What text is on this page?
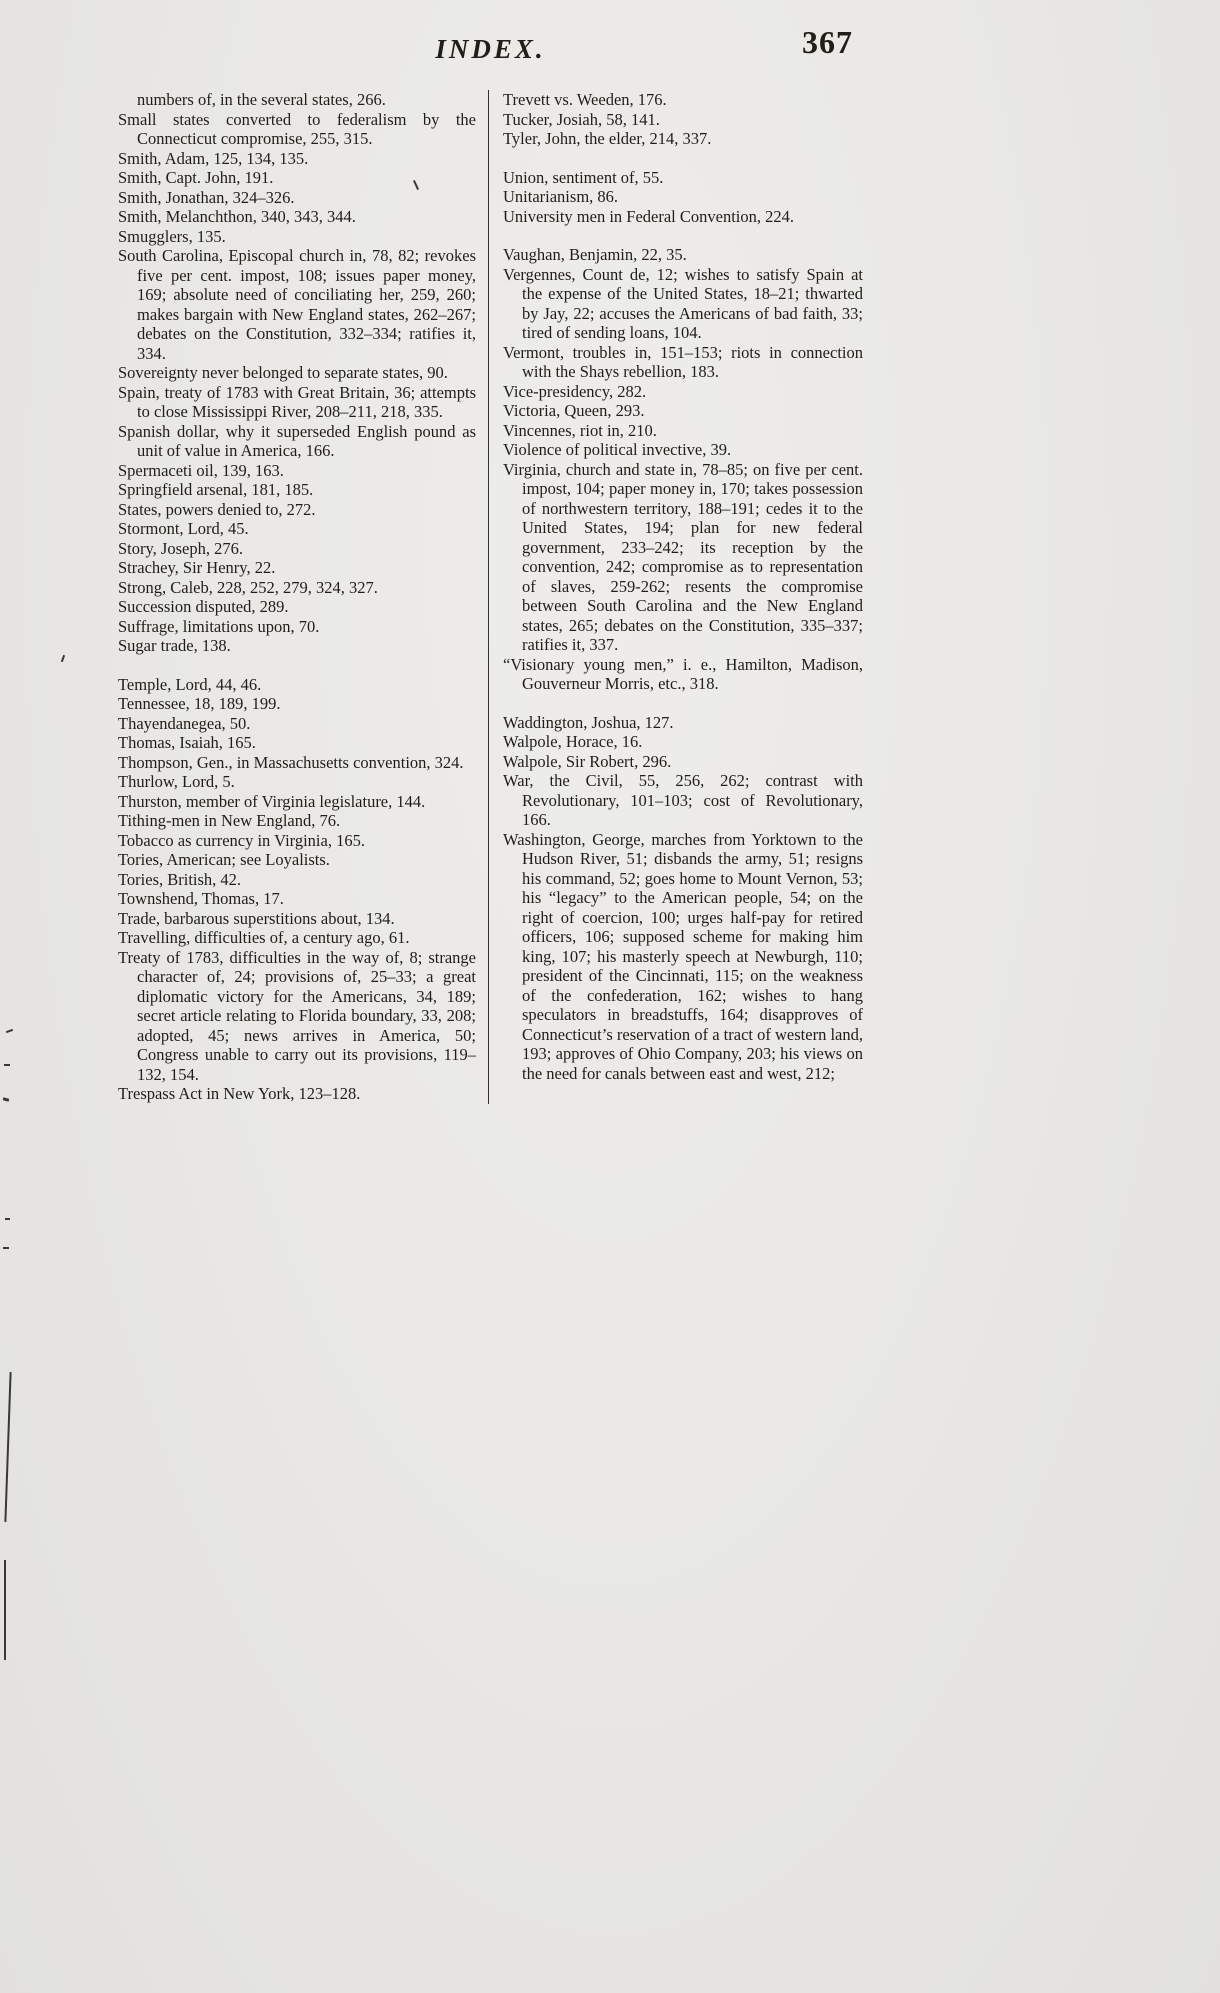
INDEX.	367

numbers of, in the several states, 266.

Small states converted to federalism by the Connecticut compromise, 255, 315.

Smith, Adam, 125, 134, 135.

Smith, Capt. John, 191.

Smith, Jonathan, 324–326.

Smith, Melanchthon, 340, 343, 344.

Smugglers, 135.

South Carolina, Episcopal church in, 78, 82; revokes five per cent. impost, 108; issues paper money, 169; absolute need of conciliating her, 259, 260; makes bargain with New England states, 262–267; debates on the Constitution, 332–334; ratifies it, 334.

Sovereignty never belonged to separate states, 90.

Spain, treaty of 1783 with Great Britain, 36; attempts to close Mississippi River, 208–211, 218, 335.

Spanish dollar, why it superseded English pound as unit of value in America, 166.

Spermaceti oil, 139, 163.

Springfield arsenal, 181, 185.

States, powers denied to, 272.

Stormont, Lord, 45.

Story, Joseph, 276.

Strachey, Sir Henry, 22.

Strong, Caleb, 228, 252, 279, 324, 327.

Succession disputed, 289.

Suffrage, limitations upon, 70.

Sugar trade, 138.

Temple, Lord, 44, 46.

Tennessee, 18, 189, 199.

Thayendanegea, 50.

Thomas, Isaiah, 165.

Thompson, Gen., in Massachusetts convention, 324.

Thurlow, Lord, 5.

Thurston, member of Virginia legislature, 144.

Tithing-men in New England, 76.

Tobacco as currency in Virginia, 165.

Tories, American; see Loyalists.

Tories, British, 42.

Townshend, Thomas, 17.

Trade, barbarous superstitions about, 134.

Travelling, difficulties of, a century ago, 61.

Treaty of 1783, difficulties in the way of, 8; strange character of, 24; provisions of, 25–33; a great diplomatic victory for the Americans, 34, 189; secret article relating to Florida boundary, 33, 208; adopted, 45; news arrives in America, 50; Congress unable to carry out its provisions, 119–132, 154.

Trespass Act in New York, 123–128.

Trevett vs. Weeden, 176.

Tucker, Josiah, 58, 141.

Tyler, John, the elder, 214, 337.

Union, sentiment of, 55.

Unitarianism, 86.

University men in Federal Convention, 224.

Vaughan, Benjamin, 22, 35.

Vergennes, Count de, 12; wishes to satisfy Spain at the expense of the United States, 18–21; thwarted by Jay, 22; accuses the Americans of bad faith, 33; tired of sending loans, 104.

Vermont, troubles in, 151–153; riots in connection with the Shays rebellion, 183.

Vice-presidency, 282.

Victoria, Queen, 293.

Vincennes, riot in, 210.

Violence of political invective, 39.

Virginia, church and state in, 78–85; on five per cent. impost, 104; paper money in, 170; takes possession of northwestern territory, 188–191; cedes it to the United States, 194; plan for new federal government, 233–242; its reception by the convention, 242; compromise as to representation of slaves, 259-262; resents the compromise between South Carolina and the New England states, 265; debates on the Constitution, 335–337; ratifies it, 337.

“Visionary young men,” i. e., Hamilton, Madison, Gouverneur Morris, etc., 318.

Waddington, Joshua, 127.

Walpole, Horace, 16.

Walpole, Sir Robert, 296.

War, the Civil, 55, 256, 262; contrast with Revolutionary, 101–103; cost of Revolutionary, 166.

Washington, George, marches from Yorktown to the Hudson River, 51; disbands the army, 51; resigns his command, 52; goes home to Mount Vernon, 53; his “legacy” to the American people, 54; on the right of coercion, 100; urges half-pay for retired officers, 106; supposed scheme for making him king, 107; his masterly speech at Newburgh, 110; president of the Cincinnati, 115; on the weakness of the confederation, 162; wishes to hang speculators in breadstuffs, 164; disapproves of Connecticut’s reservation of a tract of western land, 193; approves of Ohio Company, 203; his views on the need for canals between east and west, 212;
